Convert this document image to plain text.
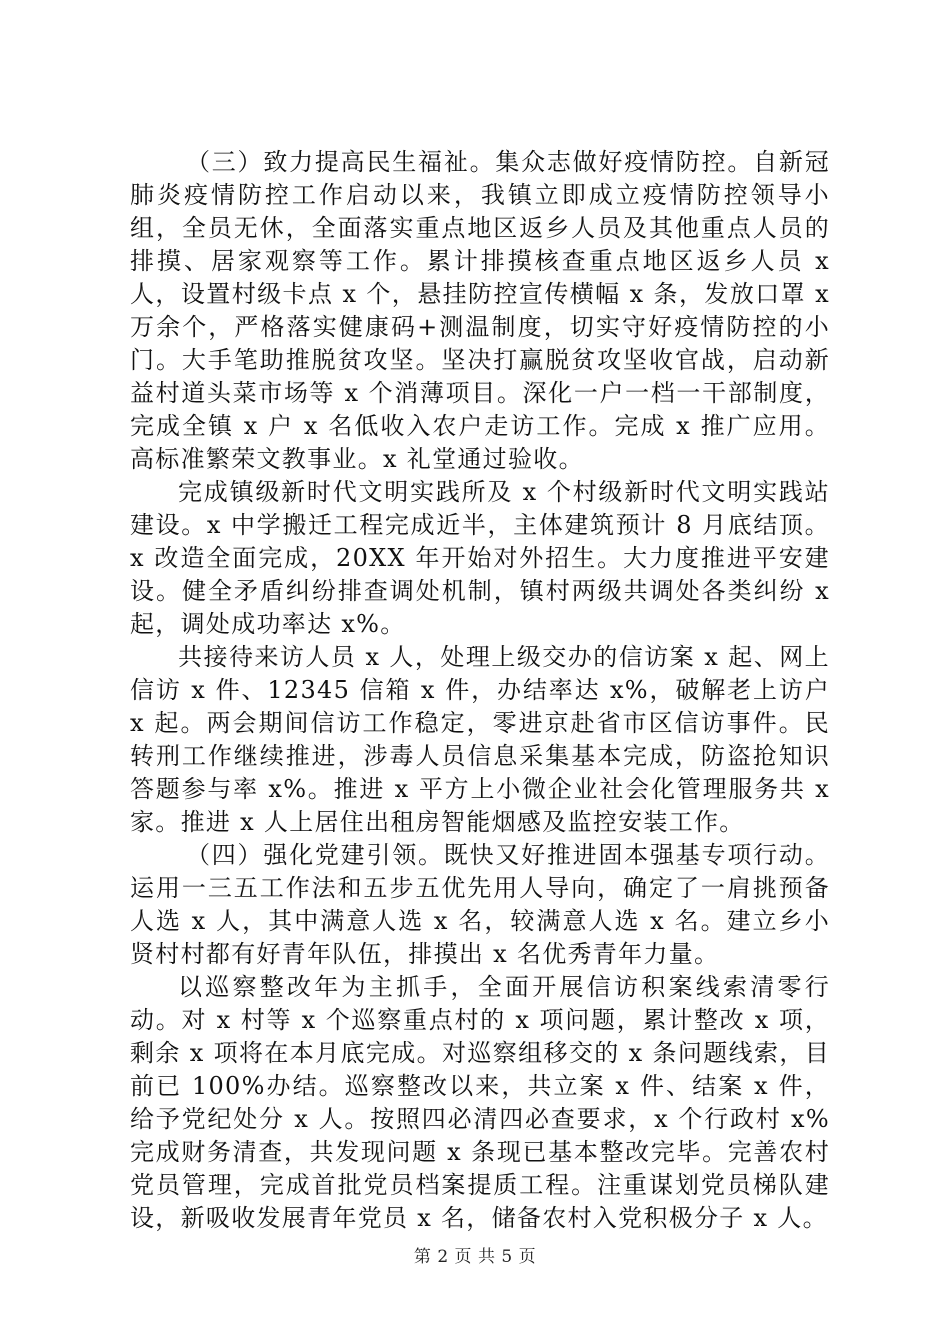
（三）致力提高民生福祉。集众志做好疫情防控。自新冠肺炎疫情防控工作启动以来，我镇立即成立疫情防控领导小组，全员无休，全面落实重点地区返乡人员及其他重点人员的排摸、居家观察等工作。累计排摸核查重点地区返乡人员 x 人，设置村级卡点 x 个，悬挂防控宣传横幅 x 条，发放口罩 x 万余个，严格落实健康码+测温制度，切实守好疫情防控的小门。大手笔助推脱贫攻坚。坚决打赢脱贫攻坚收官战，启动新益村道头菜市场等 x 个消薄项目。深化一户一档一干部制度，完成全镇 x 户 x 名低收入农户走访工作。完成 x 推广应用。高标准繁荣文教事业。x 礼堂通过验收。

完成镇级新时代文明实践所及 x 个村级新时代文明实践站建设。x 中学搬迁工程完成近半，主体建筑预计 8 月底结顶。x 改造全面完成，20XX 年开始对外招生。大力度推进平安建设。健全矛盾纠纷排查调处机制，镇村两级共调处各类纠纷 x 起，调处成功率达 x%。

共接待来访人员 x 人，处理上级交办的信访案 x 起、网上信访 x 件、12345 信箱 x 件，办结率达 x%，破解老上访户 x 起。两会期间信访工作稳定，零进京赴省市区信访事件。民转刑工作继续推进，涉毒人员信息采集基本完成，防盗抢知识答题参与率 x%。推进 x 平方上小微企业社会化管理服务共 x 家。推进 x 人上居住出租房智能烟感及监控安装工作。

（四）强化党建引领。既快又好推进固本强基专项行动。运用一三五工作法和五步五优先用人导向，确定了一肩挑预备人选 x 人，其中满意人选 x 名，较满意人选 x 名。建立乡小贤村村都有好青年队伍，排摸出 x 名优秀青年力量。

以巡察整改年为主抓手，全面开展信访积案线索清零行动。对 x 村等 x 个巡察重点村的 x 项问题，累计整改 x 项，剩余 x 项将在本月底完成。对巡察组移交的 x 条问题线索，目前已 100%办结。巡察整改以来，共立案 x 件、结案 x 件，给予党纪处分 x 人。按照四必清四必查要求，x 个行政村 x%完成财务清查，共发现问题 x 条现已基本整改完毕。完善农村党员管理，完成首批党员档案提质工程。注重谋划党员梯队建设，新吸收发展青年党员 x 名，储备农村入党积极分子 x 人。

第 2 页 共 5 页
